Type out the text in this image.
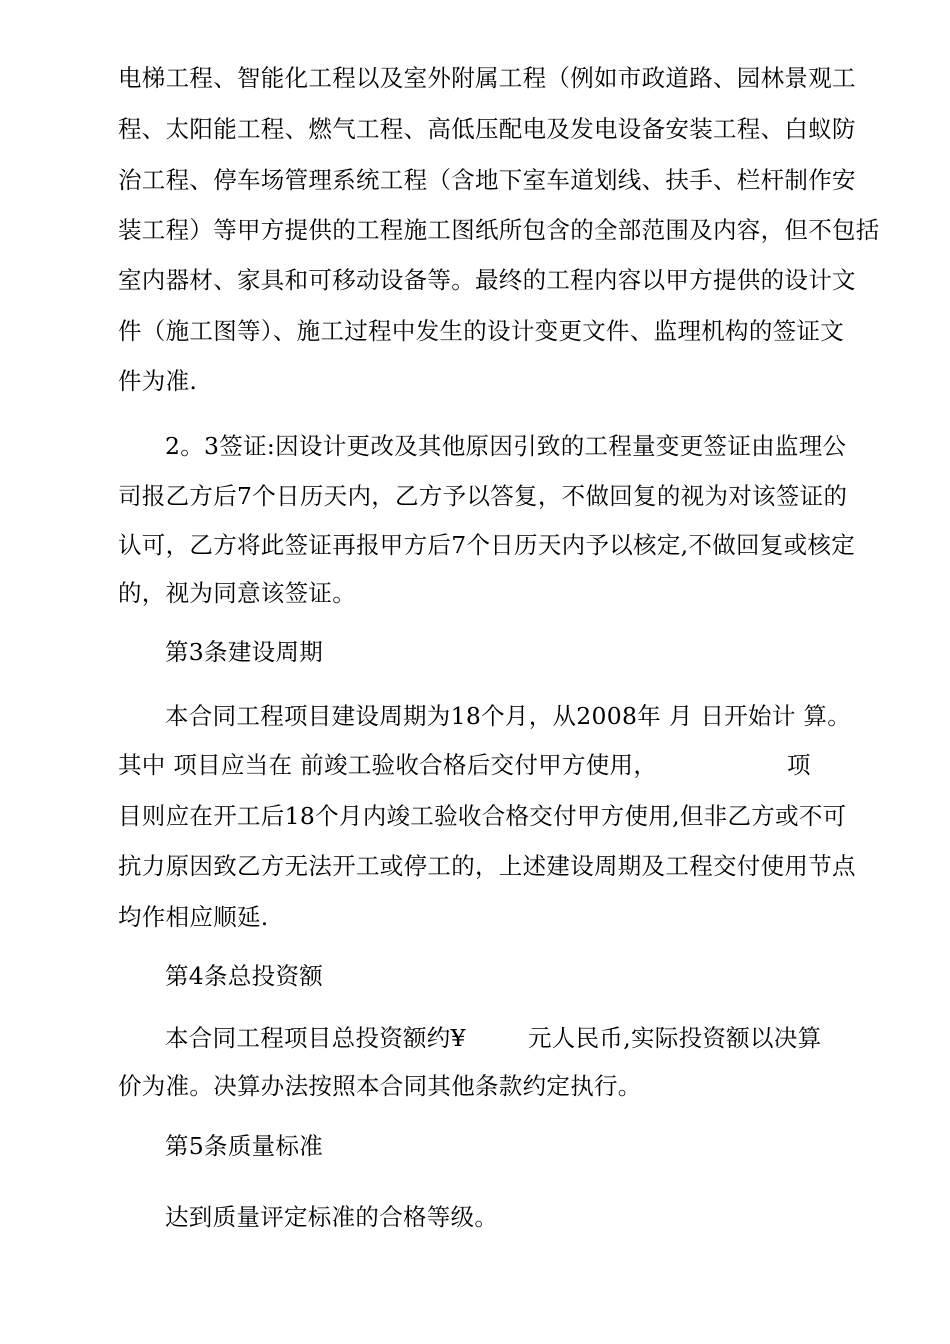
电梯工程、智能化工程以及室外附属工程（例如市政道路、园林景观工
程、太阳能工程、燃气工程、高低压配电及发电设备安装工程、白蚁防
治工程、停车场管理系统工程（含地下室车道划线、扶手、栏杆制作安
装工程）等甲方提供的工程施工图纸所包含的全部范围及内容，但不包括
室内器材、家具和可移动设备等。最终的工程内容以甲方提供的设计文
件（施工图等）、施工过程中发生的设计变更文件、监理机构的签证文
件为准.
2。3签证:因设计更改及其他原因引致的工程量变更签证由监理公
司报乙方后7个日历天内，乙方予以答复，不做回复的视为对该签证的
认可，乙方将此签证再报甲方后7个日历天内予以核定,不做回复或核定
的，视为同意该签证。
第3条建设周期
本合同工程项目建设周期为18个月，从2008年 月 日开始计 算。
其中 项目应当在 前竣工验收合格后交付甲方使用，	项
目则应在开工后18个月内竣工验收合格交付甲方使用,但非乙方或不可
抗力原因致乙方无法开工或停工的，上述建设周期及工程交付使用节点
均作相应顺延.
第4条总投资额
本合同工程项目总投资额约¥	元人民币,实际投资额以决算
价为准。决算办法按照本合同其他条款约定执行。
第5条质量标准
达到质量评定标准的合格等级。
